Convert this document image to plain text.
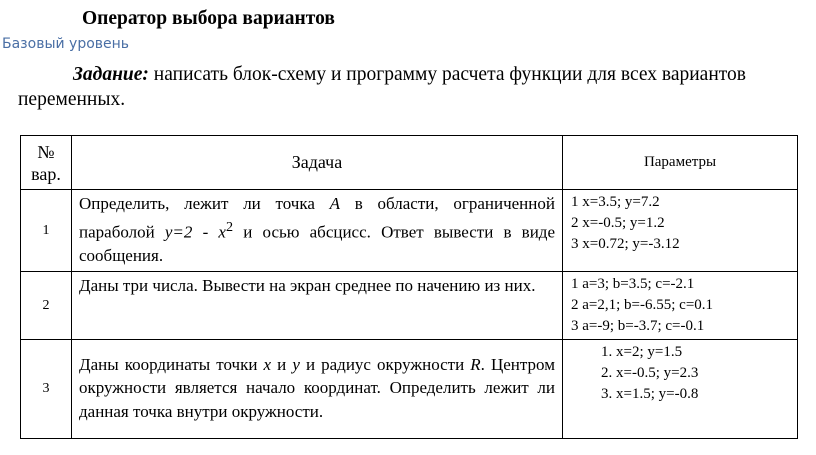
Оператор выбора вариантов
Базовый уровень
Задание: написать блок-схему и программу расчета функции для всех вариантов переменных.
№ вар.	Задача	Параметры
1	Определить, лежит ли точка A в области, ограниченной параболой $y=2 - x^2$ и осью абсцисс. Ответ вывести в виде сообщения.	1 x=3.5; y=7.2
2 x=-0.5; y=1.2
3 x=0.72; y=-3.12

2	Даны три числа. Вывести на экран среднее по начению из них.	1 a=3; b=3.5; c=-2.1
2 a=2,1; b=-6.55; c=0.1
3 a=-9; b=-3.7; c=-0.1

3	Даны координаты точки x и y и радиус окружности R. Центром окружности является начало координат. Определить лежит ли данная точка внутри окружности.	1. x=2; y=1.5
2. x=-0.5; y=2.3
3. x=1.5; y=-0.8
